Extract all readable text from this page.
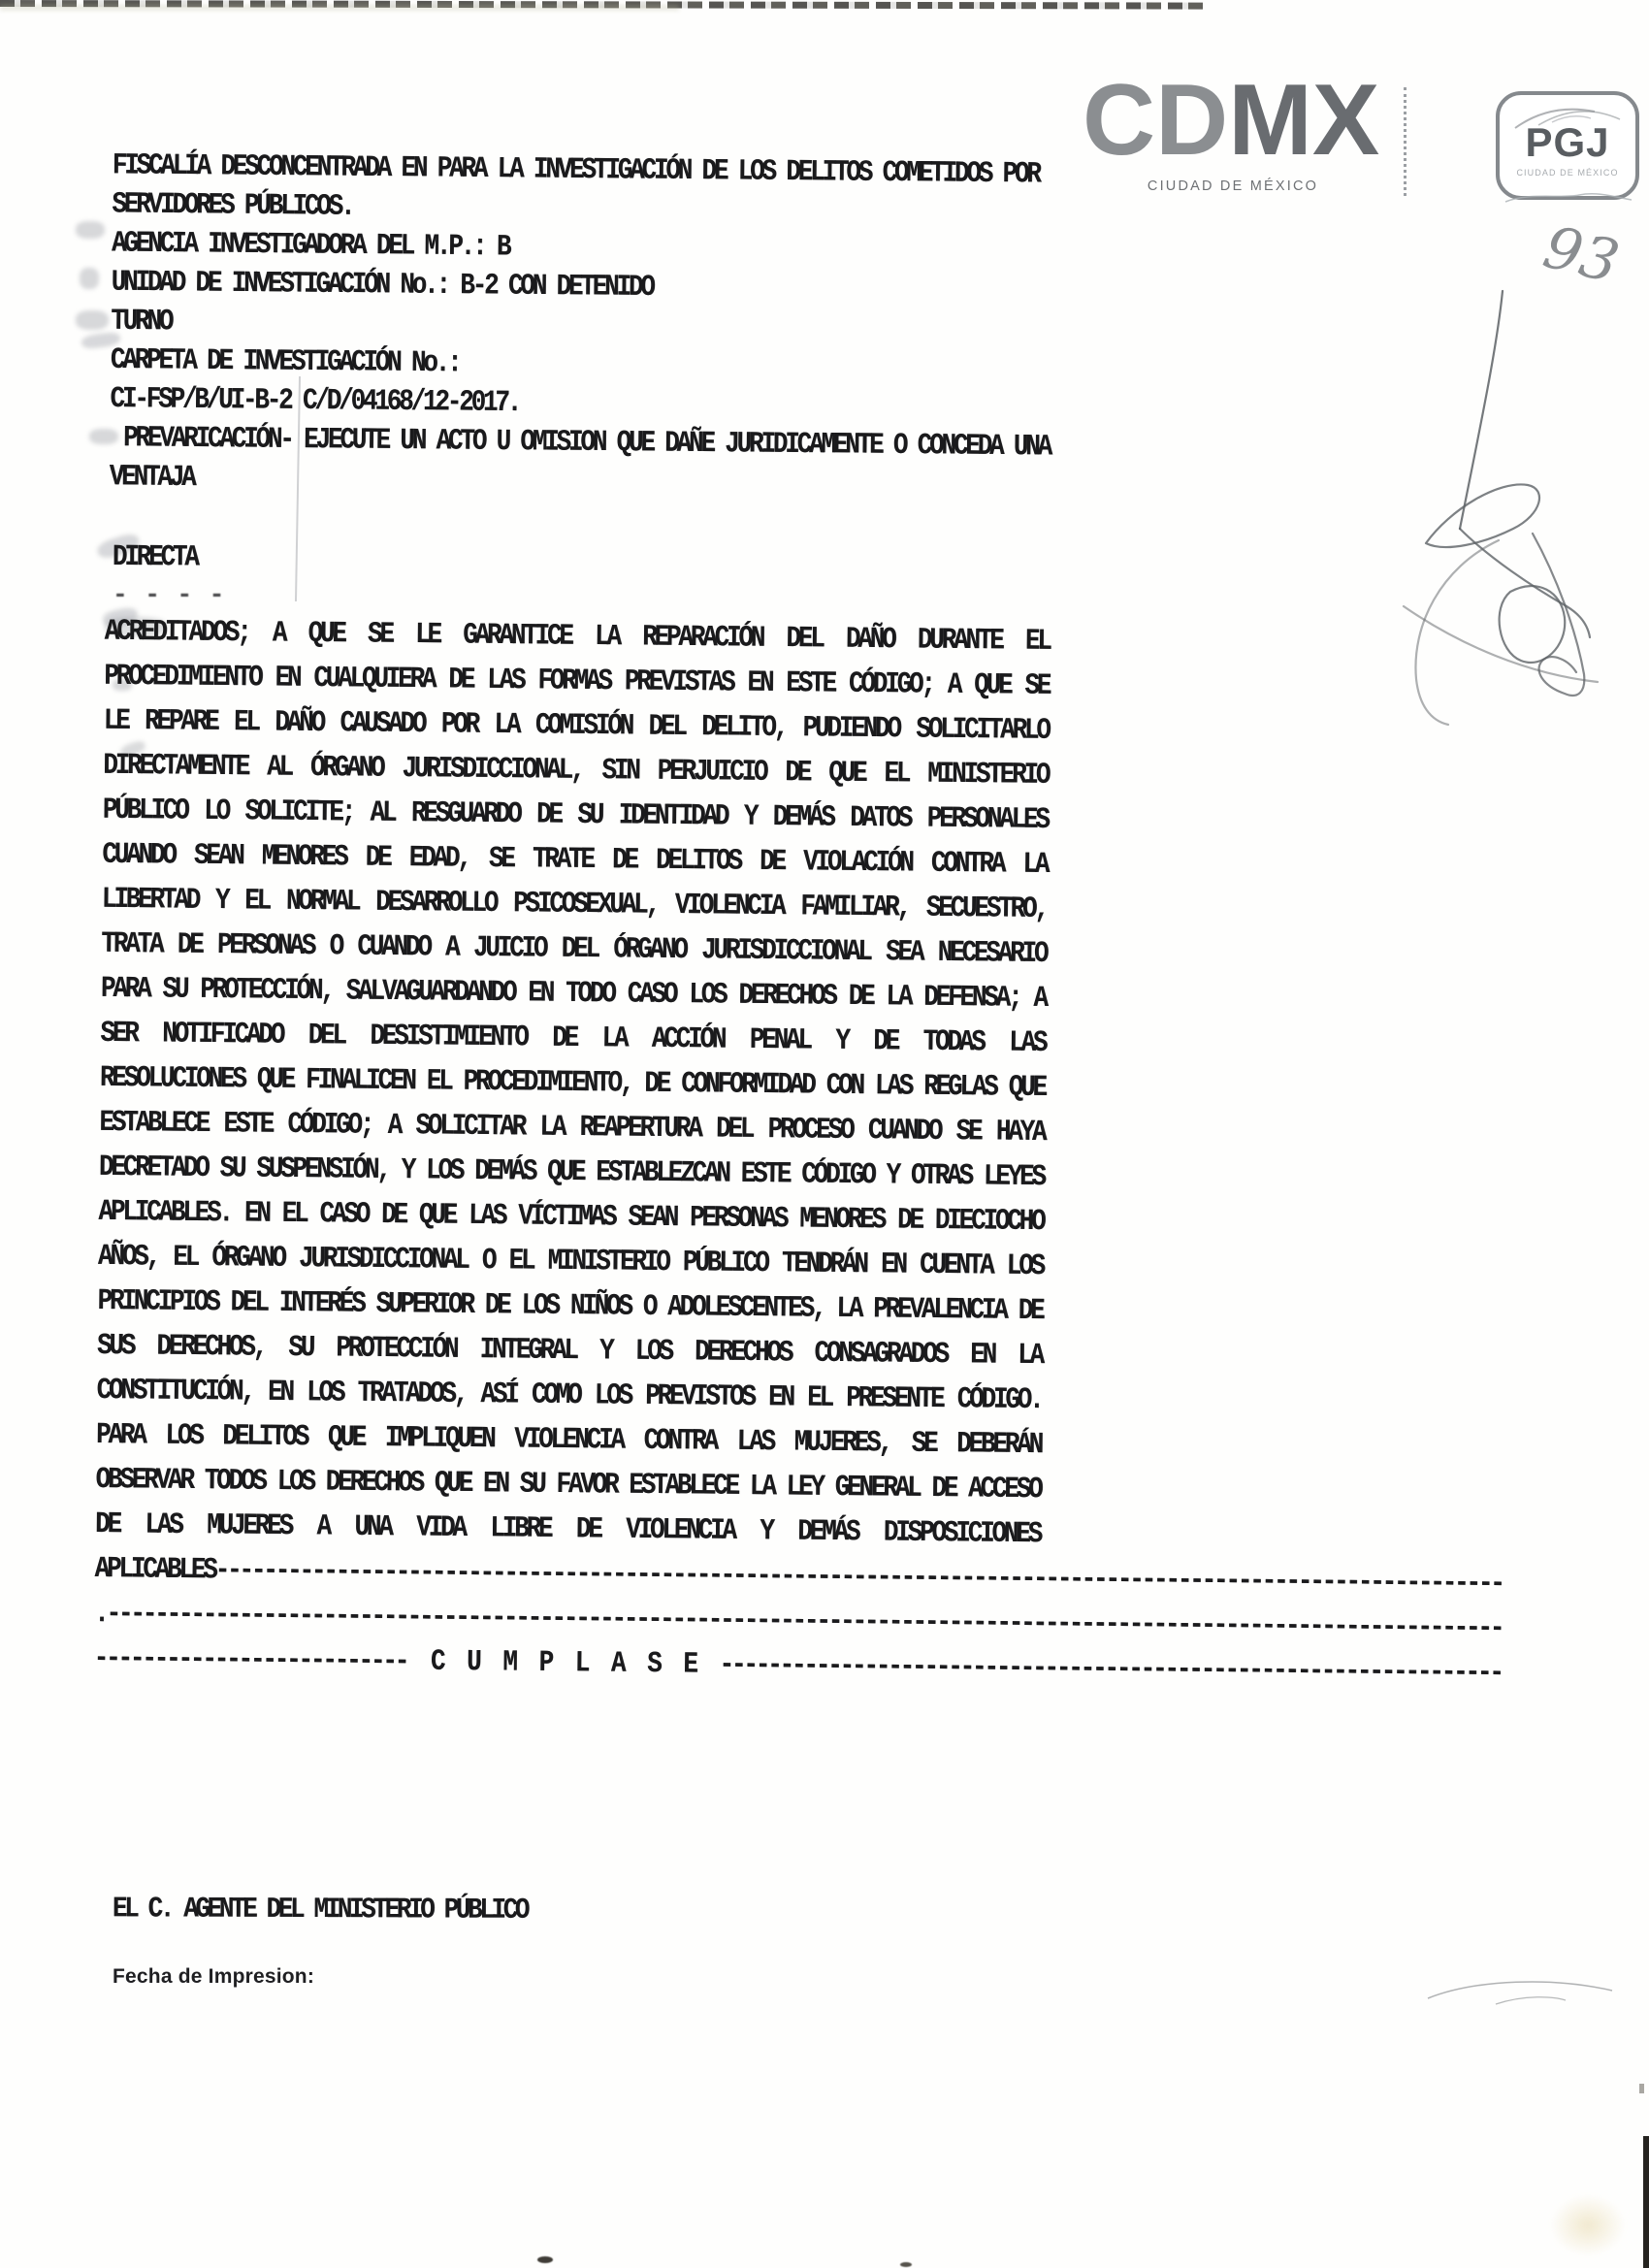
CDMX
CIUDAD DE MÉXICO
PGJ
CIUDAD DE MÉXICO
93
FISCALÍA DESCONCENTRADA EN PARA LA INVESTIGACIÓN DE LOS DELITOS COMETIDOS POR
SERVIDORES PÚBLICOS.
AGENCIA INVESTIGADORA DEL M.P.: B
UNIDAD DE INVESTIGACIÓN No.: B-2 CON DETENIDO
TURNO
CARPETA DE INVESTIGACIÓN No.:
CI-FSP/B/UI-B-2 C/D/04168/12-2017.
PREVARICACIÓN- EJECUTE UN ACTO U OMISION QUE DAÑE JURIDICAMENTE O CONCEDA UNA
VENTAJA
DIRECTA
- - - -
ACREDITADOS; A QUE SE LE GARANTICE LA REPARACIÓN DEL DAÑO DURANTE EL
PROCEDIMIENTO EN CUALQUIERA DE LAS FORMAS PREVISTAS EN ESTE CÓDIGO; A QUE SE
LE REPARE EL DAÑO CAUSADO POR LA COMISIÓN DEL DELITO, PUDIENDO SOLICITARLO
DIRECTAMENTE AL ÓRGANO JURISDICCIONAL, SIN PERJUICIO DE QUE EL MINISTERIO
PÚBLICO LO SOLICITE; AL RESGUARDO DE SU IDENTIDAD Y DEMÁS DATOS PERSONALES
CUANDO SEAN MENORES DE EDAD, SE TRATE DE DELITOS DE VIOLACIÓN CONTRA LA
LIBERTAD Y EL NORMAL DESARROLLO PSICOSEXUAL, VIOLENCIA FAMILIAR, SECUESTRO,
TRATA DE PERSONAS O CUANDO A JUICIO DEL ÓRGANO JURISDICCIONAL SEA NECESARIO
PARA SU PROTECCIÓN, SALVAGUARDANDO EN TODO CASO LOS DERECHOS DE LA DEFENSA; A
SER NOTIFICADO DEL DESISTIMIENTO DE LA ACCIÓN PENAL Y DE TODAS LAS
RESOLUCIONES QUE FINALICEN EL PROCEDIMIENTO, DE CONFORMIDAD CON LAS REGLAS QUE
ESTABLECE ESTE CÓDIGO; A SOLICITAR LA REAPERTURA DEL PROCESO CUANDO SE HAYA
DECRETADO SU SUSPENSIÓN, Y LOS DEMÁS QUE ESTABLEZCAN ESTE CÓDIGO Y OTRAS LEYES
APLICABLES. EN EL CASO DE QUE LAS VÍCTIMAS SEAN PERSONAS MENORES DE DIECIOCHO
AÑOS, EL ÓRGANO JURISDICCIONAL O EL MINISTERIO PÚBLICO TENDRÁN EN CUENTA LOS
PRINCIPIOS DEL INTERÉS SUPERIOR DE LOS NIÑOS O ADOLESCENTES, LA PREVALENCIA DE
SUS DERECHOS, SU PROTECCIÓN INTEGRAL Y LOS DERECHOS CONSAGRADOS EN LA
CONSTITUCIÓN, EN LOS TRATADOS, ASÍ COMO LOS PREVISTOS EN EL PRESENTE CÓDIGO.
PARA LOS DELITOS QUE IMPLIQUEN VIOLENCIA CONTRA LAS MUJERES, SE DEBERÁN
OBSERVAR TODOS LOS DERECHOS QUE EN SU FAVOR ESTABLECE LA LEY GENERAL DE ACCESO
DE LAS MUJERES A UNA VIDA LIBRE DE VIOLENCIA Y DEMÁS DISPOSICIONES
APLICABLES-----------------------------------------------------------------------------------------------------------
.--------------------------------------------------------------------------------------------------------------------
--------------------------  C  U  M  P  L  A  S  E  -----------------------------------------------------------------
EL C. AGENTE DEL MINISTERIO PÚBLICO
Fecha de Impresion:
